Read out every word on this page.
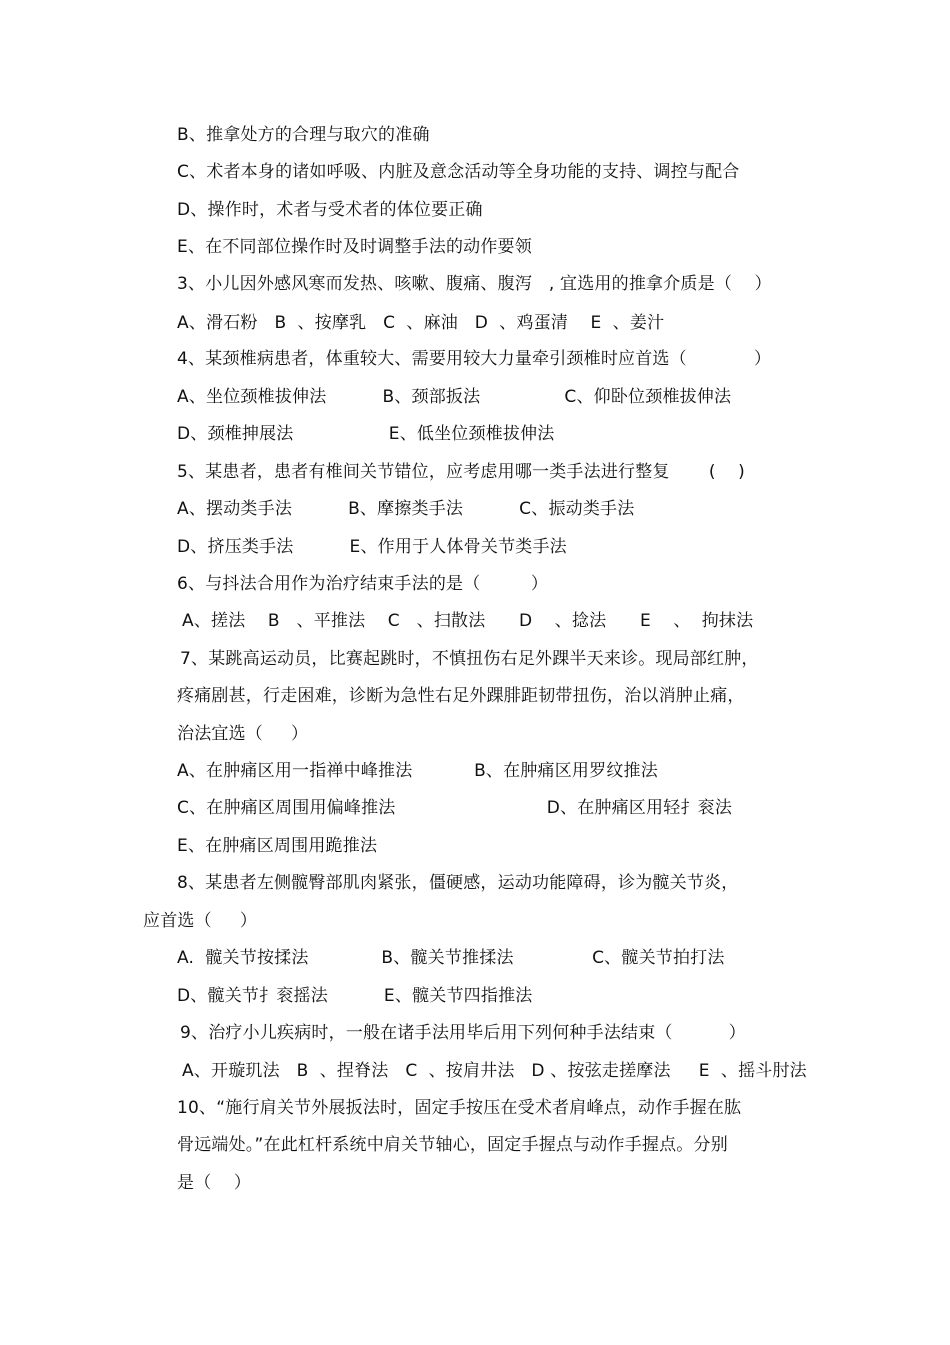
B、推拿处方的合理与取穴的准确
C、术者本身的诸如呼吸、内脏及意念活动等全身功能的支持、调控与配合
D、操作时，术者与受术者的体位要正确
E、在不同部位操作时及时调整手法的动作要领
3、小儿因外感风寒而发热、咳嗽、腹痛、腹泻   , 宜选用的推拿介质是（    ）
A、滑石粉   B  、按摩乳   C  、麻油   D  、鸡蛋清    E  、姜汁
4、某颈椎病患者，体重较大、需要用较大力量牵引颈椎时应首选（            ）
A、坐位颈椎拔伸法          B、颈部扳法               C、仰卧位颈椎拔伸法
D、颈椎抻展法                 E、低坐位颈椎拔伸法
5、某患者，患者有椎间关节错位，应考虑用哪一类手法进行整复       (    )
A、摆动类手法          B、摩擦类手法          C、振动类手法
D、挤压类手法          E、作用于人体骨关节类手法
6、与抖法合用作为治疗结束手法的是（         ）
A、搓法    B   、平推法    C   、扫散法      D    、捻法      E    、  拘抹法
7、某跳高运动员，比赛起跳时，不慎扭伤右足外踝半天来诊。现局部红肿，
疼痛剧甚，行走困难，诊断为急性右足外踝腓距韧带扭伤，治以消肿止痛，
治法宜选（     ）
A、在肿痛区用一指禅中峰推法           B、在肿痛区用罗纹推法
C、在肿痛区周围用偏峰推法                           D、在肿痛区用轻扌衮法
E、在肿痛区周围用跪推法
8、某患者左侧髋臀部肌肉紧张，僵硬感，运动功能障碍，诊为髋关节炎，
应首选（     ）
A.  髋关节按揉法             B、髋关节推揉法              C、髋关节拍打法
D、髋关节扌衮摇法          E、髋关节四指推法
9、治疗小儿疾病时，一般在诸手法用毕后用下列何种手法结束（          ）
A、开璇玑法   B  、捏脊法   C  、按肩井法   D 、按弦走搓摩法     E  、摇斗肘法
10、“施行肩关节外展扳法时，固定手按压在受术者肩峰点，动作手握在肱
骨远端处。”在此杠杆系统中肩关节轴心，固定手握点与动作手握点。分别
是（    ）
